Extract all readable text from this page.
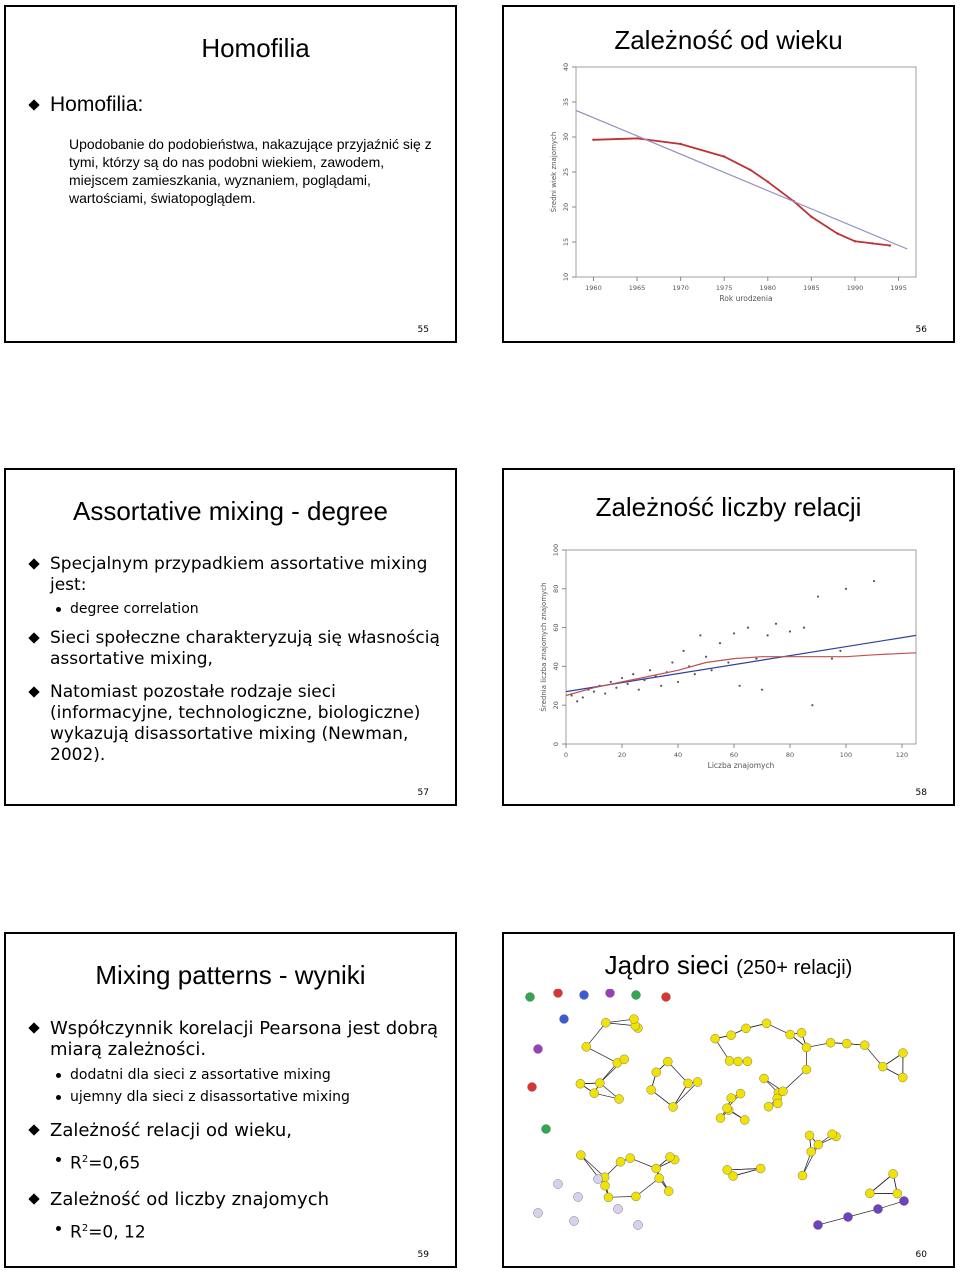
Homofilia
Homofilia:
Upodobanie do podobieństwa, nakazujące przyjaźnić się z tymi, którzy są do nas podobni wiekiem, zawodem, miejscem zamieszkania, wyznaniem, poglądami, wartościami, światopoglądem.
55
Zależność od wieku
1960	1965	1970	1975	1980	1985	1990	1995
10
15
20
25
30
35
40
Rok urodzenia
Średni wiek znajomych
56
Assortative mixing - degree
Specjalnym przypadkiem assortative mixing jest:
degree correlation
Sieci społeczne charakteryzują się własnością assortative mixing,
Natomiast pozostałe rodzaje sieci (informacyjne, technologiczne, biologiczne) wykazują disassortative mixing (Newman, 2002).
57
Zależność liczby relacji
0	20	40	60	80	100	120
0
20
40
60
80
100
Liczba znajomych
Średnia liczba znajomych znajomych
58
Mixing patterns - wyniki
Współczynnik korelacji Pearsona jest dobrą miarą zależności.
dodatni dla sieci z assortative mixing
ujemny dla sieci z disassortative mixing
Zależność relacji od wieku,
$R^2=0,65$
Zależność od liczby znajomych
$R^2=0$, 12
59
Jądro sieci (250+ relacji)
60
